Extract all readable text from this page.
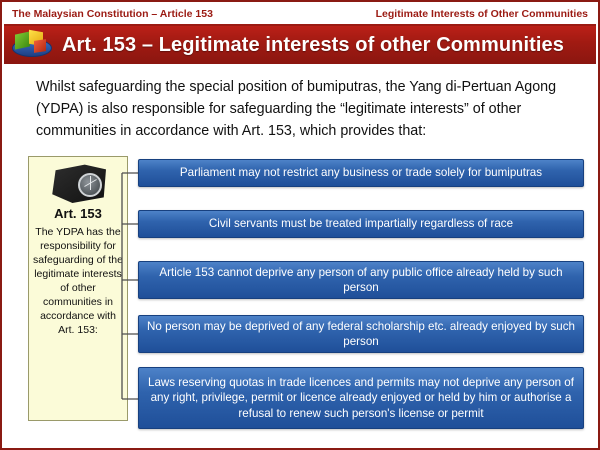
The Malaysian Constitution – Article 153	Legitimate Interests of Other Communities
Art. 153 – Legitimate interests of other Communities
Whilst safeguarding the special position of bumiputras, the Yang di-Pertuan Agong (YDPA) is also responsible for safeguarding the “legitimate interests” of other communities in accordance with Art. 153, which provides that:
Art. 153
The YDPA has the responsibility for safeguarding of the legitimate interests of other communities in accordance with Art. 153:
Parliament may not restrict any business or trade solely for bumiputras
Civil servants must be treated impartially regardless of race
Article 153 cannot deprive any person of any public office already held by such person
No person may be deprived of any federal scholarship etc. already enjoyed by such person
Laws reserving quotas in trade licences and permits may not deprive any person of any right, privilege, permit or licence already enjoyed or held by him or authorise a refusal to renew such person's license or permit
